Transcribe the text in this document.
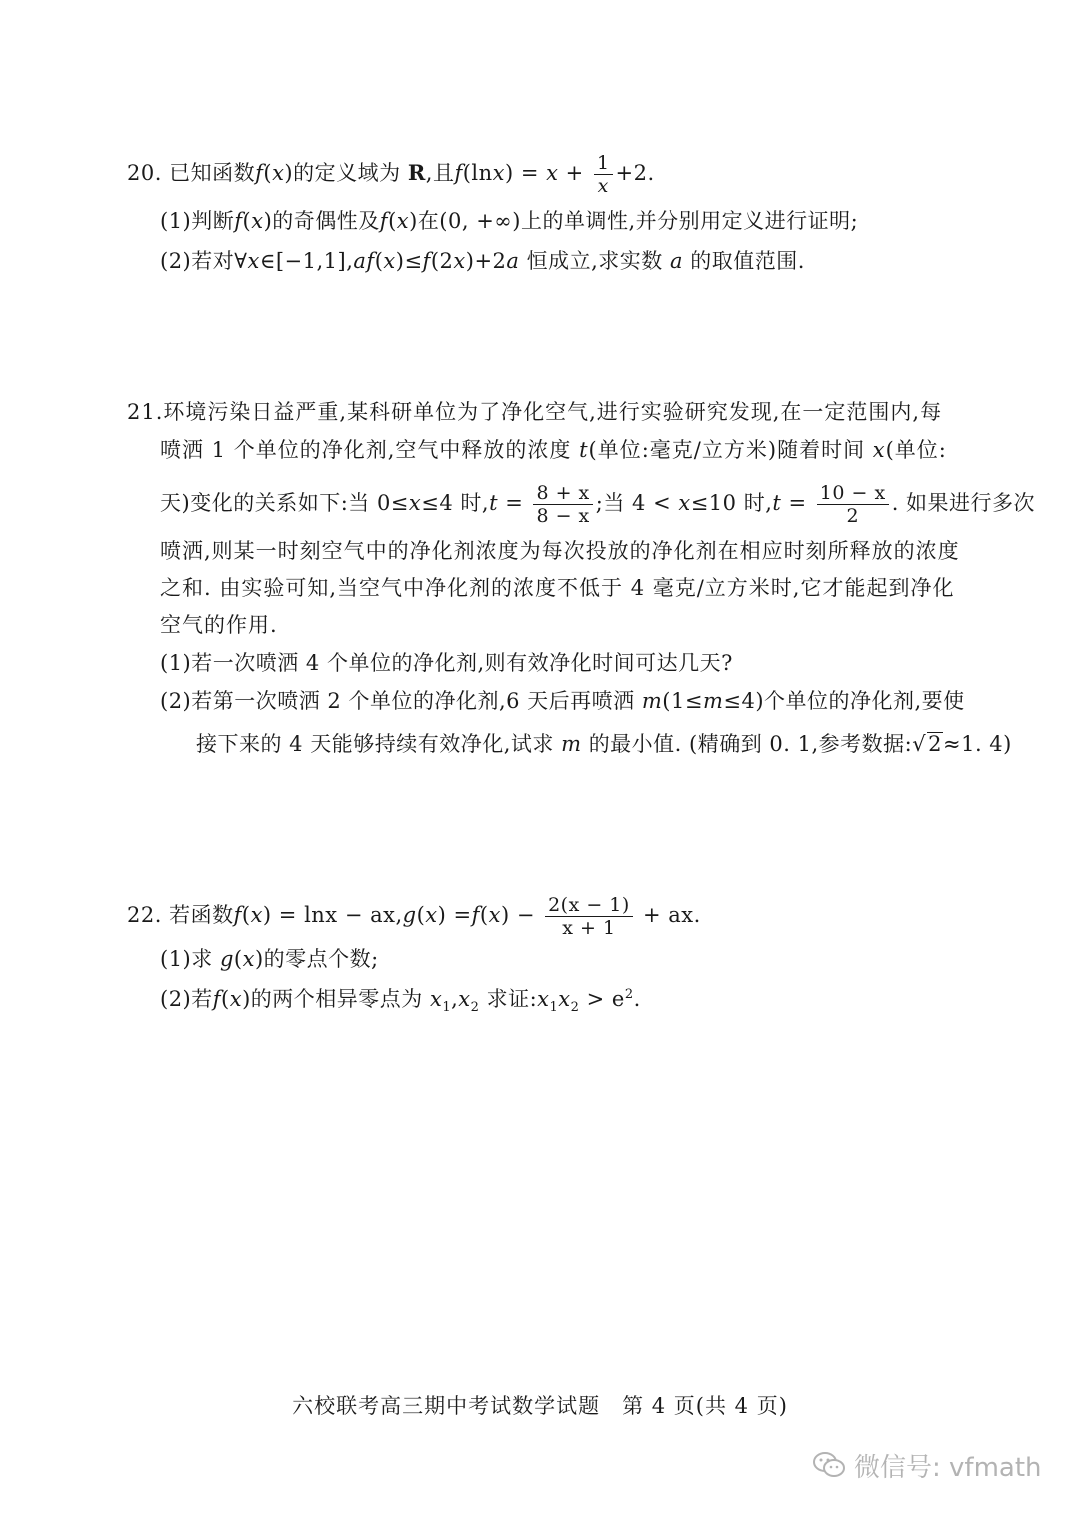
20. 已知函数f(x)的定义域为 R,且$f(\ln x) = x + \frac{1}{x} +2$.
(1)判断f(x)的奇偶性及f(x)在(0, +∞)上的单调性,并分别用定义进行证明;
(2)若对∀x∈[−1,1],af(x)≤f(2x)+2a 恒成立,求实数 a 的取值范围.
21.环境污染日益严重,某科研单位为了净化空气,进行实验研究发现,在一定范围内,每
喷洒 1 个单位的净化剂,空气中释放的浓度 t(单位:毫克/立方米)随着时间 x(单位:
天)变化的关系如下:当 0≤x≤4 时$,t = \frac{8 + x}{8 - x}$ ;当 4 < x≤10 时$,t = \frac{10 - x}{2}$ . 如果进行多次
喷洒,则某一时刻空气中的净化剂浓度为每次投放的净化剂在相应时刻所释放的浓度
之和. 由实验可知,当空气中净化剂的浓度不低于 4 毫克/立方米时,它才能起到净化
空气的作用.
(1)若一次喷洒 4 个单位的净化剂,则有效净化时间可达几天?
(2)若第一次喷洒 2 个单位的净化剂,6 天后再喷洒 m(1≤m≤4)个单位的净化剂,要使
接下来的 4 天能够持续有效净化,试求 m 的最小值. (精确到 0. 1,参考数据:√2≈1. 4)
22. 若函数$f(x) = \ln x - ax,g(x) =f(x) - \frac{2(x - 1)}{x + 1}$ + ax.
(1)求 g(x)的零点个数;
(2)若f(x)的两个相异零点为 $x_1,x_2$ 求证$:x_1x_2 > e^2$.
六校联考高三期中考试数学试题　第 4 页(共 4 页)
微信号: vfmath
